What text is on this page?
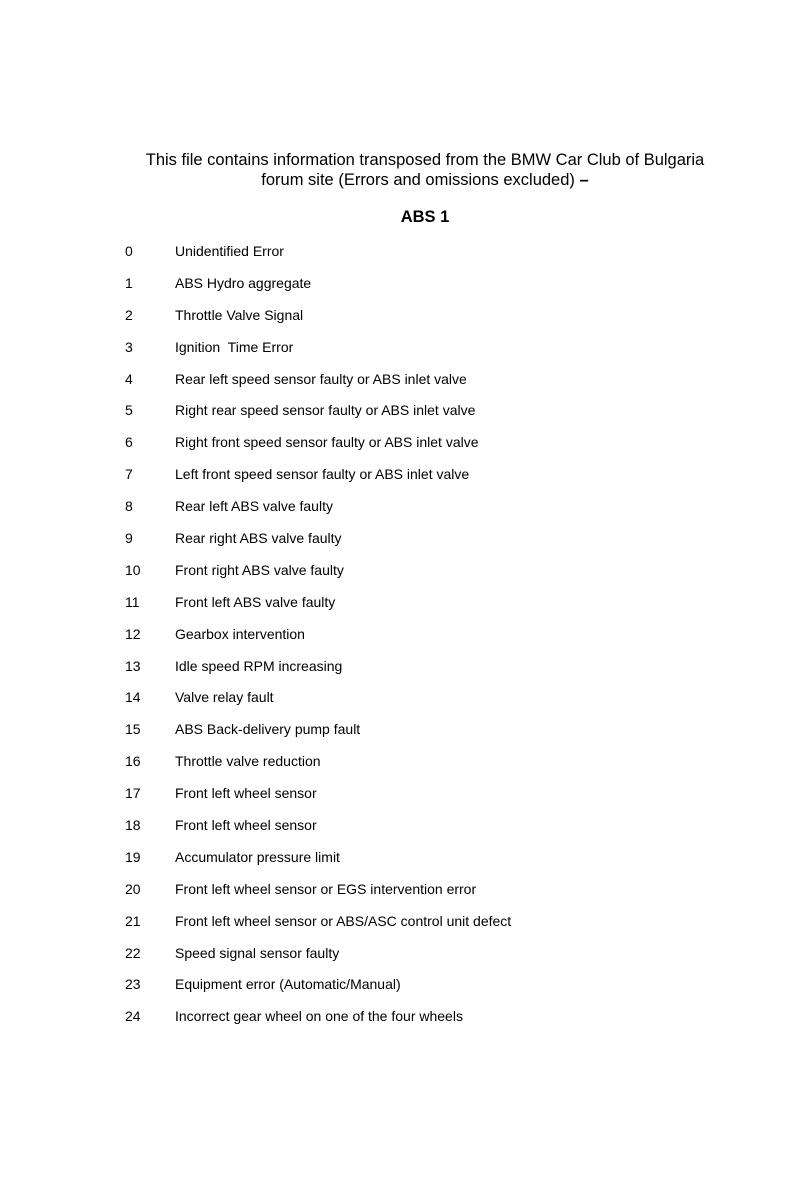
This file contains information transposed from the BMW Car Club of Bulgaria
forum site (Errors and omissions excluded) –
ABS 1
0	Unidentified Error
1	ABS Hydro aggregate
2	Throttle Valve Signal
3	Ignition  Time Error
4	Rear left speed sensor faulty or ABS inlet valve
5	Right rear speed sensor faulty or ABS inlet valve
6	Right front speed sensor faulty or ABS inlet valve
7	Left front speed sensor faulty or ABS inlet valve
8	Rear left ABS valve faulty
9	Rear right ABS valve faulty
10	Front right ABS valve faulty
11	Front left ABS valve faulty
12	Gearbox intervention
13	Idle speed RPM increasing
14	Valve relay fault
15	ABS Back-delivery pump fault
16	Throttle valve reduction
17	Front left wheel sensor
18	Front left wheel sensor
19	Accumulator pressure limit
20	Front left wheel sensor or EGS intervention error
21	Front left wheel sensor or ABS/ASC control unit defect
22	Speed signal sensor faulty
23	Equipment error (Automatic/Manual)
24	Incorrect gear wheel on one of the four wheels
